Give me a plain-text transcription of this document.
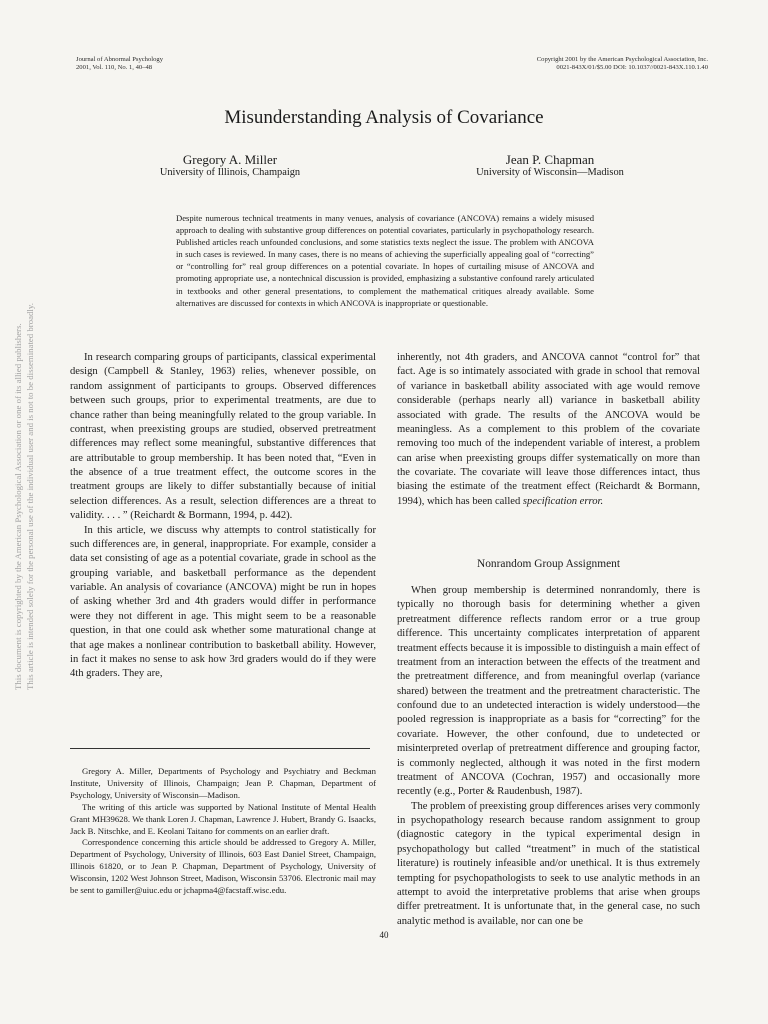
Journal of Abnormal Psychology
2001, Vol. 110, No. 1, 40–48
Copyright 2001 by the American Psychological Association, Inc.
0021-843X/01/$5.00 DOI: 10.1037//0021-843X.110.1.40
Misunderstanding Analysis of Covariance
Gregory A. Miller
University of Illinois, Champaign
Jean P. Chapman
University of Wisconsin—Madison
Despite numerous technical treatments in many venues, analysis of covariance (ANCOVA) remains a widely misused approach to dealing with substantive group differences on potential covariates, particularly in psychopathology research. Published articles reach unfounded conclusions, and some statistics texts neglect the issue. The problem with ANCOVA in such cases is reviewed. In many cases, there is no means of achieving the superficially appealing goal of “correcting” or “controlling for” real group differences on a potential covariate. In hopes of curtailing misuse of ANCOVA and promoting appropriate use, a nontechnical discussion is provided, emphasizing a substantive confound rarely articulated in textbooks and other general presentations, to complement the mathematical critiques already available. Some alternatives are discussed for contexts in which ANCOVA is inappropriate or questionable.

In research comparing groups of participants, classical experimental design (Campbell & Stanley, 1963) relies, whenever possible, on random assignment of participants to groups. Observed differences between such groups, prior to experimental treatments, are due to chance rather than being meaningfully related to the group variable. In contrast, when preexisting groups are studied, observed pretreatment differences may reflect some meaningful, substantive differences that are attributable to group membership. It has been noted that, “Even in the absence of a true treatment effect, the outcome scores in the treatment groups are likely to differ substantially because of initial selection differences. As a result, selection differences are a threat to validity. . . . ” (Reichardt & Bormann, 1994, p. 442).

In this article, we discuss why attempts to control statistically for such differences are, in general, inappropriate. For example, consider a data set consisting of age as a potential covariate, grade in school as the grouping variable, and basketball performance as the dependent variable. An analysis of covariance (ANCOVA) might be run in hopes of asking whether 3rd and 4th graders would differ in performance were they not different in age. This might seem to be a reasonable question, in that one could ask whether some maturational change at that age makes a nonlinear contribution to basketball ability. However, in fact it makes no sense to ask how 3rd graders would do if they were 4th graders. They are,

inherently, not 4th graders, and ANCOVA cannot “control for” that fact. Age is so intimately associated with grade in school that removal of variance in basketball ability associated with age would remove considerable (perhaps nearly all) variance in basketball ability associated with grade. The results of the ANCOVA would be meaningless. As a complement to this problem of the covariate removing too much of the independent variable of interest, a problem can arise when preexisting groups differ systematically on more than the covariate. The covariate will leave those differences intact, thus biasing the estimate of the treatment effect (Reichardt & Bormann, 1994), which has been called specification error.

Nonrandom Group Assignment

When group membership is determined nonrandomly, there is typically no thorough basis for determining whether a given pretreatment difference reflects random error or a true group difference. This uncertainty complicates interpretation of apparent treatment effects because it is impossible to distinguish a main effect of treatment from an interaction between the effects of the treatment and the pretreatment difference, and from meaningful overlap (variance shared) between the treatment and the pretreatment characteristic. The confound due to an undetected interaction is widely understood—the pooled regression is inappropriate as a basis for “correcting” for the covariate. However, the other confound, due to undetected or misinterpreted overlap of pretreatment difference and grouping factor, is commonly neglected, although it was noted in the first modern treatment of ANCOVA (Cochran, 1957) and occasionally more recently (e.g., Porter & Raudenbush, 1987).

The problem of preexisting group differences arises very commonly in psychopathology research because random assignment to group (diagnostic category in the typical experimental design in psychopathology but called “treatment” in much of the statistical literature) is routinely infeasible and/or unethical. It is thus extremely tempting for psychopathologists to seek to use analytic methods in an attempt to avoid the interpretative problems that arise when groups differ pretreatment. It is unfortunate that, in the general case, no such analytic method is available, nor can one be

Gregory A. Miller, Departments of Psychology and Psychiatry and Beckman Institute, University of Illinois, Champaign; Jean P. Chapman, Department of Psychology, University of Wisconsin—Madison.

The writing of this article was supported by National Institute of Mental Health Grant MH39628. We thank Loren J. Chapman, Lawrence J. Hubert, Brandy G. Isaacks, Jack B. Nitschke, and E. Keolani Taitano for comments on an earlier draft.

Correspondence concerning this article should be addressed to Gregory A. Miller, Department of Psychology, University of Illinois, 603 East Daniel Street, Champaign, Illinois 61820, or to Jean P. Chapman, Department of Psychology, University of Wisconsin, 1202 West Johnson Street, Madison, Wisconsin 53706. Electronic mail may be sent to gamiller@uiuc.edu or jchapma4@facstaff.wisc.edu.

40
This document is copyrighted by the American Psychological Association or one of its allied publishers. This article is intended solely for the personal use of the individual user and is not to be disseminated broadly.
